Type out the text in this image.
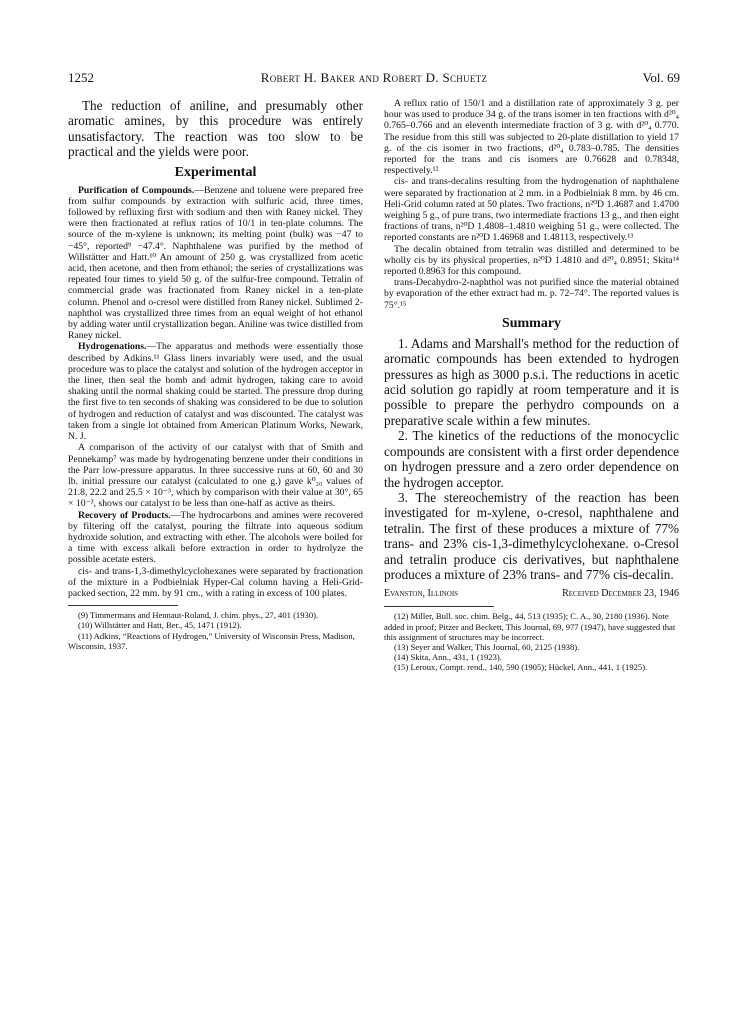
1252	Robert H. Baker and Robert D. Schuetz	Vol. 69

The reduction of aniline, and presumably other aromatic amines, by this procedure was entirely unsatisfactory. The reaction was too slow to be practical and the yields were poor.

Experimental

Purification of Compounds.—Benzene and toluene were prepared free from sulfur compounds by extraction with sulfuric acid, three times, followed by refluxing first with sodium and then with Raney nickel. They were then fractionated at reflux ratios of 10/1 in ten-plate columns. The source of the m-xylene is unknown; its melting point (bulk) was −47 to −45°, reported⁹ −47.4°. Naphthalene was purified by the method of Willstätter and Hatt.¹⁰ An amount of 250 g. was crystallized from acetic acid, then acetone, and then from ethanol; the series of crystallizations was repeated four times to yield 50 g. of the sulfur-free compound. Tetralin of commercial grade was fractionated from Raney nickel in a ten-plate column. Phenol and o-cresol were distilled from Raney nickel. Sublimed 2-naphthol was crystallized three times from an equal weight of hot ethanol by adding water until crystallization began. Aniline was twice distilled from Raney nickel.

Hydrogenations.—The apparatus and methods were essentially those described by Adkins.¹¹ Glass liners invariably were used, and the usual procedure was to place the catalyst and solution of the hydrogen acceptor in the liner, then seal the bomb and admit hydrogen, taking care to avoid shaking until the normal shaking could be started. The pressure drop during the first five to ten seconds of shaking was considered to be due to solution of hydrogen and reduction of catalyst and was discounted. The catalyst was taken from a single lot obtained from American Platinum Works, Newark, N. J.

A comparison of the activity of our catalyst with that of Smith and Pennekamp⁷ was made by hydrogenating benzene under their conditions in the Parr low-pressure apparatus. In three successive runs at 60, 60 and 30 lb. initial pressure our catalyst (calculated to one g.) gave k⁰₂₀ values of 21.8, 22.2 and 25.5 × 10⁻³, which by comparison with their value at 30°, 65 × 10⁻³, shows our catalyst to be less than one-half as active as theirs.

Recovery of Products.—The hydrocarbons and amines were recovered by filtering off the catalyst, pouring the filtrate into aqueous sodium hydroxide solution, and extracting with ether. The alcohols were boiled for a time with excess alkali before extraction in order to hydrolyze the possible acetate esters.

cis- and trans-1,3-dimethylcyclohexanes were separated by fractionation of the mixture in a Podbielniak Hyper-Cal column having a Heli-Grid-packed section, 22 mm. by 91 cm., with a rating in excess of 100 plates.

(9) Timmermans and Hennaut-Roland, J. chim. phys., 27, 401 (1930).

(10) Willstätter and Hatt, Ber., 45, 1471 (1912).

(11) Adkins, “Reactions of Hydrogen,” University of Wisconsin Press, Madison, Wisconsin, 1937.

A reflux ratio of 150/1 and a distillation rate of approximately 3 g. per hour was used to produce 34 g. of the trans isomer in ten fractions with d²⁰₄ 0.765–0.766 and an eleventh intermediate fraction of 3 g. with d²⁰₄ 0.770. The residue from this still was subjected to 20-plate distillation to yield 17 g. of the cis isomer in two fractions, d²⁰₄ 0.783–0.785. The densities reported for the trans and cis isomers are 0.76628 and 0.78348, respectively.¹²

cis- and trans-decalins resulting from the hydrogenation of naphthalene were separated by fractionation at 2 mm. in a Podbielniak 8 mm. by 46 cm. Heli-Grid column rated at 50 plates. Two fractions, n²⁰D 1.4687 and 1.4700 weighing 5 g., of pure trans, two intermediate fractions 13 g., and then eight fractions of trans, n²⁰D 1.4808–1.4810 weighing 51 g., were collected. The reported constants are n²⁰D 1.46968 and 1.48113, respectively.¹³

The decalin obtained from tetralin was distilled and determined to be wholly cis by its physical properties, n²⁰D 1.4810 and d²⁰₄ 0.8951; Skita¹⁴ reported 0.8963 for this compound.

trans-Decahydro-2-naphthol was not purified since the material obtained by evaporation of the ether extract had m. p. 72–74°. The reported values is 75°.¹⁵

Summary

1. Adams and Marshall's method for the reduction of aromatic compounds has been extended to hydrogen pressures as high as 3000 p.s.i. The reductions in acetic acid solution go rapidly at room temperature and it is possible to prepare the perhydro compounds on a preparative scale within a few minutes.

2. The kinetics of the reductions of the monocyclic compounds are consistent with a first order dependence on hydrogen pressure and a zero order dependence on the hydrogen acceptor.

3. The stereochemistry of the reaction has been investigated for m-xylene, o-cresol, naphthalene and tetralin. The first of these produces a mixture of 77% trans- and 23% cis-1,3-dimethylcyclohexane. o-Cresol and tetralin produce cis derivatives, but naphthalene produces a mixture of 23% trans- and 77% cis-decalin.

Evanston, Illinois	Received December 23, 1946

(12) Miller, Bull. soc. chim. Belg., 44, 513 (1935); C. A., 30, 2180 (1936). Note added in proof; Pitzer and Beckett, This Journal, 69, 977 (1947), have suggested that this assignment of structures may be incorrect.

(13) Seyer and Walker, This Journal, 60, 2125 (1938).

(14) Skita, Ann., 431, 1 (1923).

(15) Leroux, Compt. rend., 140, 590 (1905); Hückel, Ann., 441, 1 (1925).
